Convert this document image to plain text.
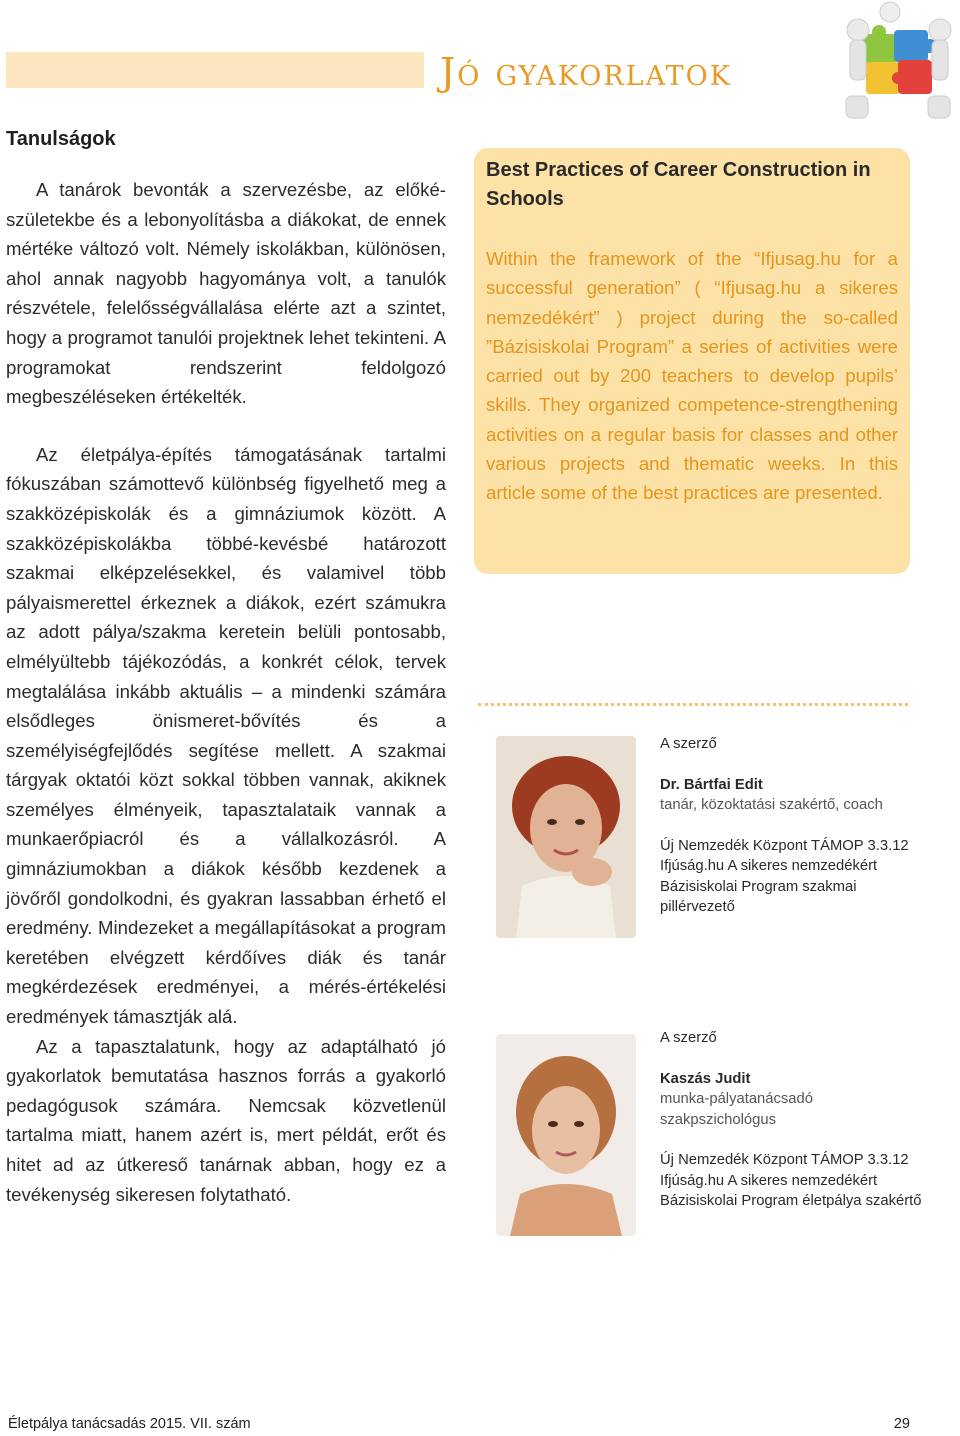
Jó gyakorlatok
Tanulságok

A tanárok bevonták a szervezésbe, az előkészületekbe és a lebonyolításba a diákokat, de ennek mértéke változó volt. Némely iskolákban, különösen, ahol annak nagyobb hagyománya volt, a tanulók részvétele, felelősségvállalása elérte azt a szintet, hogy a programot tanulói projektnek lehet tekinteni. A programokat rendszerint feldolgozó megbeszéléseken értékelték.

Az életpálya-építés támogatásának tartalmi fókuszában számottevő különbség figyelhető meg a szakközépiskolák és a gimnáziumok között. A szakközépiskolákba többé-kevésbé határozott szakmai elképzelésekkel, és valamivel több pályaismerettel érkeznek a diákok, ezért számukra az adott pálya/szakma keretein belüli pontosabb, elmélyültebb tájékozódás, a konkrét célok, tervek megtalálása inkább aktuális – a mindenki számára elsődleges önismeret-bővítés és a személyiségfejlődés segítése mellett. A szakmai tárgyak oktatói közt sokkal többen vannak, akiknek személyes élményeik, tapasztalataik vannak a munkaerőpiacról és a vállalkozásról. A gimnáziumokban a diákok később kezdenek a jövőről gondolkodni, és gyakran lassabban érhető el eredmény. Mindezeket a megállapításokat a program keretében elvégzett kérdőíves diák és tanár megkérdezések eredményei, a mérés-értékelési eredmények támasztják alá.

Az a tapasztalatunk, hogy az adaptálható jó gyakorlatok bemutatása hasznos forrás a gyakorló pedagógusok számára. Nemcsak közvetlenül tartalma miatt, hanem azért is, mert példát, erőt és hitet ad az útkereső tanárnak abban, hogy ez a tevékenység sikeresen folytatható.

Best Practices of Career Construction in Schools

Within the framework of the “Ifjusag.hu for a successful generation” ( “Ifjusag.hu a sikeres nemzedékért” ) project during the so-called ”Bázisiskolai Program” a series of activities were carried out by 200 teachers to develop pupils’ skills. They organized competence-strengthening activities on a regular basis for classes and other various projects and thematic weeks. In this article some of the best practices are presented.

A szerző

Dr. Bártfai Edit

tanár, közoktatási szakértő, coach

Új Nemzedék Központ TÁMOP 3.3.12 Ifjúság.hu A sikeres nemzedékért Bázisiskolai Program szakmai pillérvezető

A szerző

Kaszás Judit

munka-pályatanácsadó szakpszichológus

Új Nemzedék Központ TÁMOP 3.3.12 Ifjúság.hu A sikeres nemzedékért Bázisiskolai Program életpálya szakértő

Életpálya tanácsadás 2015. VII. szám	29
